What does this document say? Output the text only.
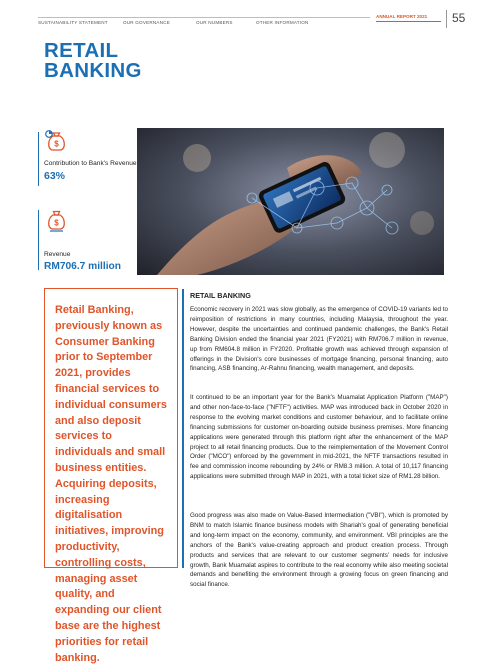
SUSTAINABILITY STATEMENT	OUR GOVERNANCE	OUR NUMBERS	OTHER INFORMATION
ANNUAL REPORT 2021 55
RETAIL
BANKING
$
Contribution to Bank's Revenue
63%
$
Revenue
RM706.7 million
Retail Banking, previously known as Consumer Banking prior to September 2021, provides financial services to individual consumers and also deposit services to individuals and small business entities. Acquiring deposits, increasing digitalisation initiatives, improving productivity, controlling costs, managing asset quality, and expanding our client base are the highest priorities for retail banking.
RETAIL BANKING

Economic recovery in 2021 was slow globally, as the emergence of COVID-19 variants led to reimposition of restrictions in many countries, including Malaysia, throughout the year. However, despite the uncertainties and continued pandemic challenges, the Bank's Retail Banking Division ended the financial year 2021 (FY2021) with RM706.7 million in revenue, up from RM604.8 million in FY2020. Profitable growth was achieved through expansion of offerings in the Division's core businesses of mortgage financing, personal financing, auto financing, ASB financing, Ar-Rahnu financing, wealth management, and deposits.

It continued to be an important year for the Bank's Muamalat Application Platform ("MAP") and other non-face-to-face ("NFTF") activities. MAP was introduced back in October 2020 in response to the evolving market conditions and customer behaviour, and to facilitate online financing submissions for customer on-boarding outside business premises. More financing applications were generated through this platform right after the enhancement of the MAP project to all retail financing products. Due to the reimplementation of the Movement Control Order ("MCO") enforced by the government in mid-2021, the NFTF transactions resulted in fee and commission income rebounding by 24% or RM8.3 million. A total of 10,117 financing applications were submitted through MAP in 2021, with a total ticket size of RM1.28 billion.

Good progress was also made on Value-Based Intermediation ("VBI"), which is promoted by BNM to match Islamic finance business models with Shariah's goal of generating beneficial and long-term impact on the economy, community, and environment. VBI principles are the anchors of the Bank's value-creating approach and product creation process. Through products and services that are relevant to our customer segments' needs for inclusive growth, Bank Muamalat aspires to contribute to the real economy while also meeting societal demands and benefiting the environment through a growing focus on green financing and social finance.
